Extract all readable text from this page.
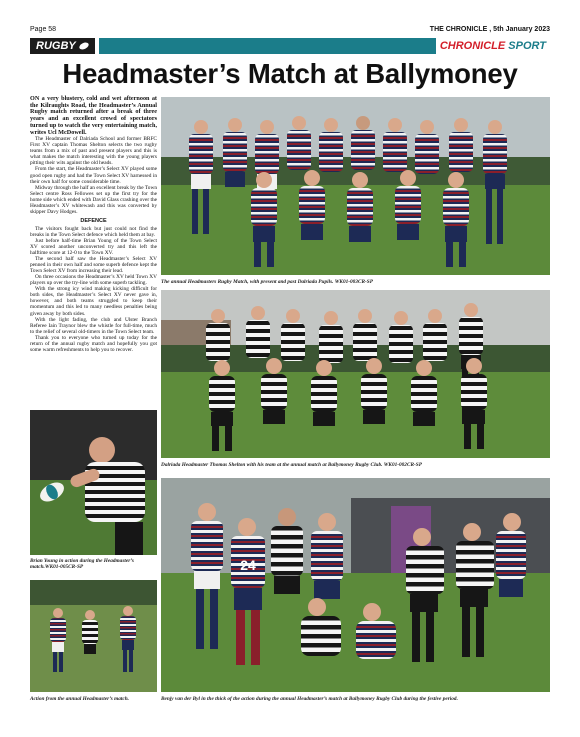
Page 58	THE CHRONICLE , 5th January 2023
RUGBY	CHRONICLE SPORT
Headmaster’s Match at Ballymoney

ON a very blustery, cold and wet afternoon at the Kilraughts Road, the Headmaster’s Annual Rugby match returned after a break of three years and an excellent crowd of spectators turned up to watch the very entertaining match, writes Ucl McDowell.

The Headmaster of Dalriada School and former BRFC First XV captain Thomas Shelton selects the two rugby teams from a mix of past and present players and this is what makes the match interesting with the young players pitting their wits against the old heads.

From the start, the Headmaster’s Select XV played some good open rugby and had the Town Select XV harnessed in their own half for some considerable time.

Midway through the half an excellent break by the Town Select centre Ross Fellowes set up the first try for the home side which ended with David Glass crashing over the Headmaster’s XV whitewash and this was converted by skipper Davy Hodges.

DEFENCE

The visitors fought back but just could not find the breaks in the Town Select defence which held them at bay.

Just before half-time Brian Young of the Town Select XV scored another unconverted try and this left the halftime score at 12-0 to the Town XV.

The second half saw the Headmaster’s Select XV penned in their own half and some superb defence kept the Town Select XV from increasing their lead.

On three occasions the Headmaster’s XV held Town XV players up over the try-line with some superb tackling.

With the strong icy wind making kicking difficult for both sides, the Headmaster’s Select XV never gave in, however, and both teams struggled to keep their momentum and this led to many needless penalties being given away by both sides.

With the light fading, the club and Ulster Branch Referee Iain Traynor blew the whistle for full-time, much to the relief of several old-timers in the Town Select team.

Thank you to everyone who turned up today for the return of the annual rugby match and hopefully you got some warm refreshments to help you to recover.

The annual Headmasters Rugby Match, with present and past Dalriada Pupils. WK01-003CR-SP
Dalriada Headmaster Thomas Shelton with his team at the annual match at Ballymoney Rugby Club. WK01-002CR-SP
Brian Young in action during the Headmaster’s match.WK01-005CR-SP
Action from the annual Headmaster’s match.
24
Benjy van der Byl in the thick of the action during the annual Headmaster’s match at Ballymoney Rugby Club during the festive period.
